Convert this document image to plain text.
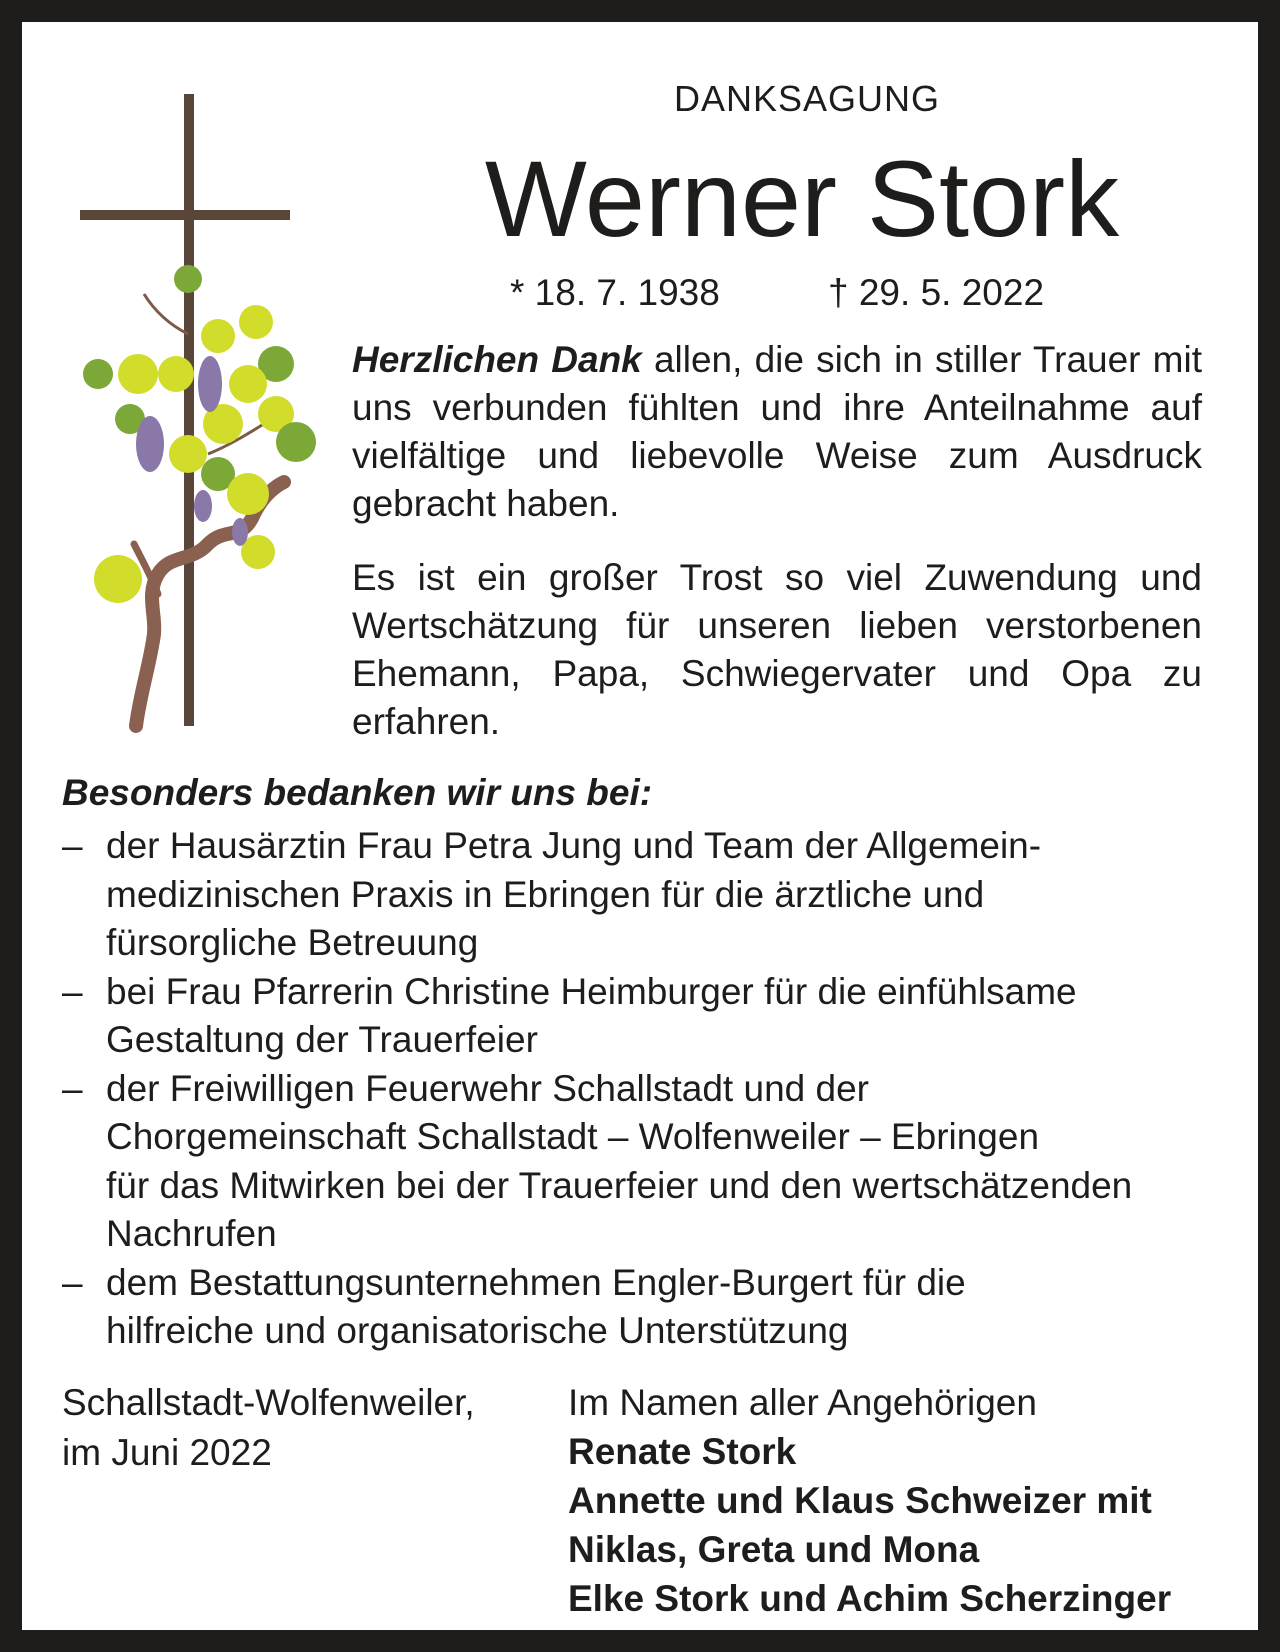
DANKSAGUNG
Werner Stork
* 18. 7. 1938	† 29. 5. 2022

Herzlichen Dank allen, die sich in stiller Trauer mit uns verbunden fühlten und ihre Anteilnahme auf vielfältige und liebevolle Weise zum Ausdruck gebracht haben.

Es ist ein großer Trost so viel Zuwendung und Wertschätzung für unseren lieben verstorbenen Ehemann, Papa, Schwiegervater und Opa zu erfahren.

Besonders bedanken wir uns bei:
– der Hausärztin Frau Petra Jung und Team der Allgemein-
medizinischen Praxis in Ebringen für die ärztliche und
fürsorgliche Betreuung
– bei Frau Pfarrerin Christine Heimburger für die einfühlsame
Gestaltung der Trauerfeier
– der Freiwilligen Feuerwehr Schallstadt und der
Chorgemeinschaft Schallstadt – Wolfenweiler – Ebringen
für das Mitwirken bei der Trauerfeier und den wertschätzenden
Nachrufen
– dem Bestattungsunternehmen Engler-Burgert für die
hilfreiche und organisatorische Unterstützung
Schallstadt-Wolfenweiler,
im Juni 2022
Im Namen aller Angehörigen
Renate Stork
Annette und Klaus Schweizer mit
Niklas, Greta und Mona
Elke Stork und Achim Scherzinger
